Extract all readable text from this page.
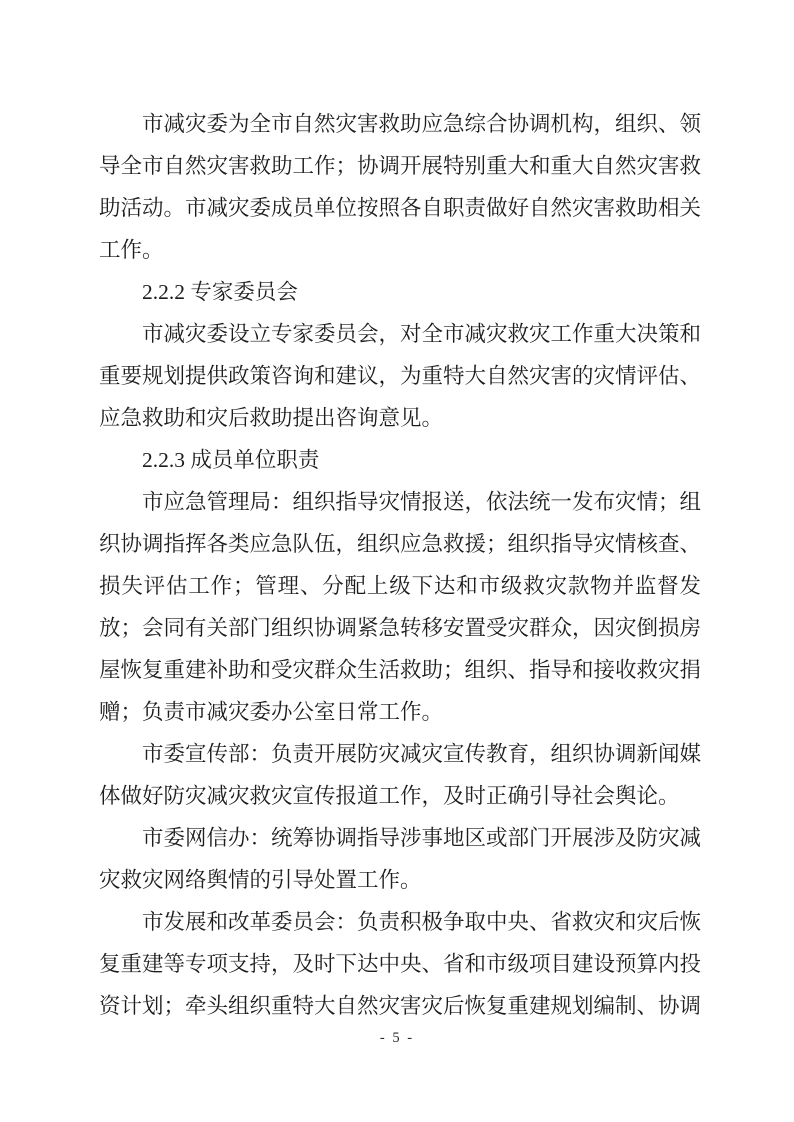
市减灾委为全市自然灾害救助应急综合协调机构，组织、领导全市自然灾害救助工作；协调开展特别重大和重大自然灾害救助活动。市减灾委成员单位按照各自职责做好自然灾害救助相关工作。

2.2.2 专家委员会

市减灾委设立专家委员会，对全市减灾救灾工作重大决策和重要规划提供政策咨询和建议，为重特大自然灾害的灾情评估、应急救助和灾后救助提出咨询意见。

2.2.3 成员单位职责

市应急管理局：组织指导灾情报送，依法统一发布灾情；组织协调指挥各类应急队伍，组织应急救援；组织指导灾情核查、损失评估工作；管理、分配上级下达和市级救灾款物并监督发放；会同有关部门组织协调紧急转移安置受灾群众，因灾倒损房屋恢复重建补助和受灾群众生活救助；组织、指导和接收救灾捐赠；负责市减灾委办公室日常工作。

市委宣传部：负责开展防灾减灾宣传教育，组织协调新闻媒体做好防灾减灾救灾宣传报道工作，及时正确引导社会舆论。

市委网信办：统筹协调指导涉事地区或部门开展涉及防灾减灾救灾网络舆情的引导处置工作。

市发展和改革委员会：负责积极争取中央、省救灾和灾后恢复重建等专项支持，及时下达中央、省和市级项目建设预算内投资计划；牵头组织重特大自然灾害灾后恢复重建规划编制、协调

- 5 -
